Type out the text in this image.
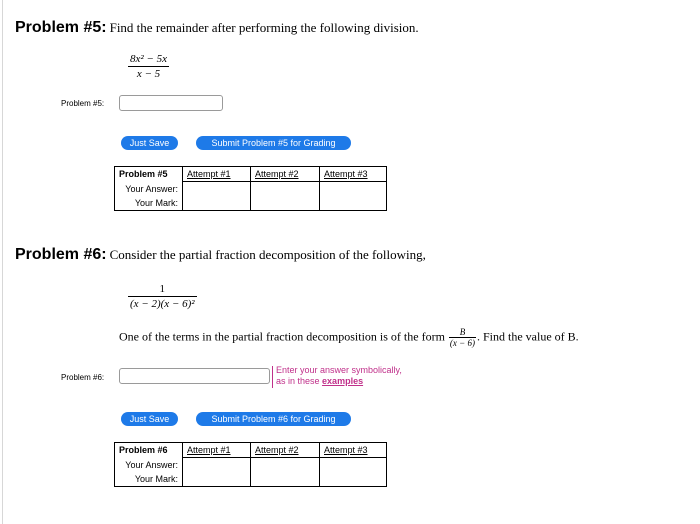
Problem #5: Find the remainder after performing the following division.
8x² − 5x
x − 5
Problem #5:
Just Save	Submit Problem #5 for Grading
Problem #5	Attempt #1	Attempt #2	Attempt #3
Your Answer:			
Your Mark:			
Problem #6: Consider the partial fraction decomposition of the following,
1
(x − 2)(x − 6)²
One of the terms in the partial fraction decomposition is of the form $\frac{B}{(x - 6)}$ . Find the value of B.
Problem #6:
Enter your answer symbolically,
as in these examples
Just Save	Submit Problem #6 for Grading
Problem #6	Attempt #1	Attempt #2	Attempt #3
Your Answer:			
Your Mark:			
